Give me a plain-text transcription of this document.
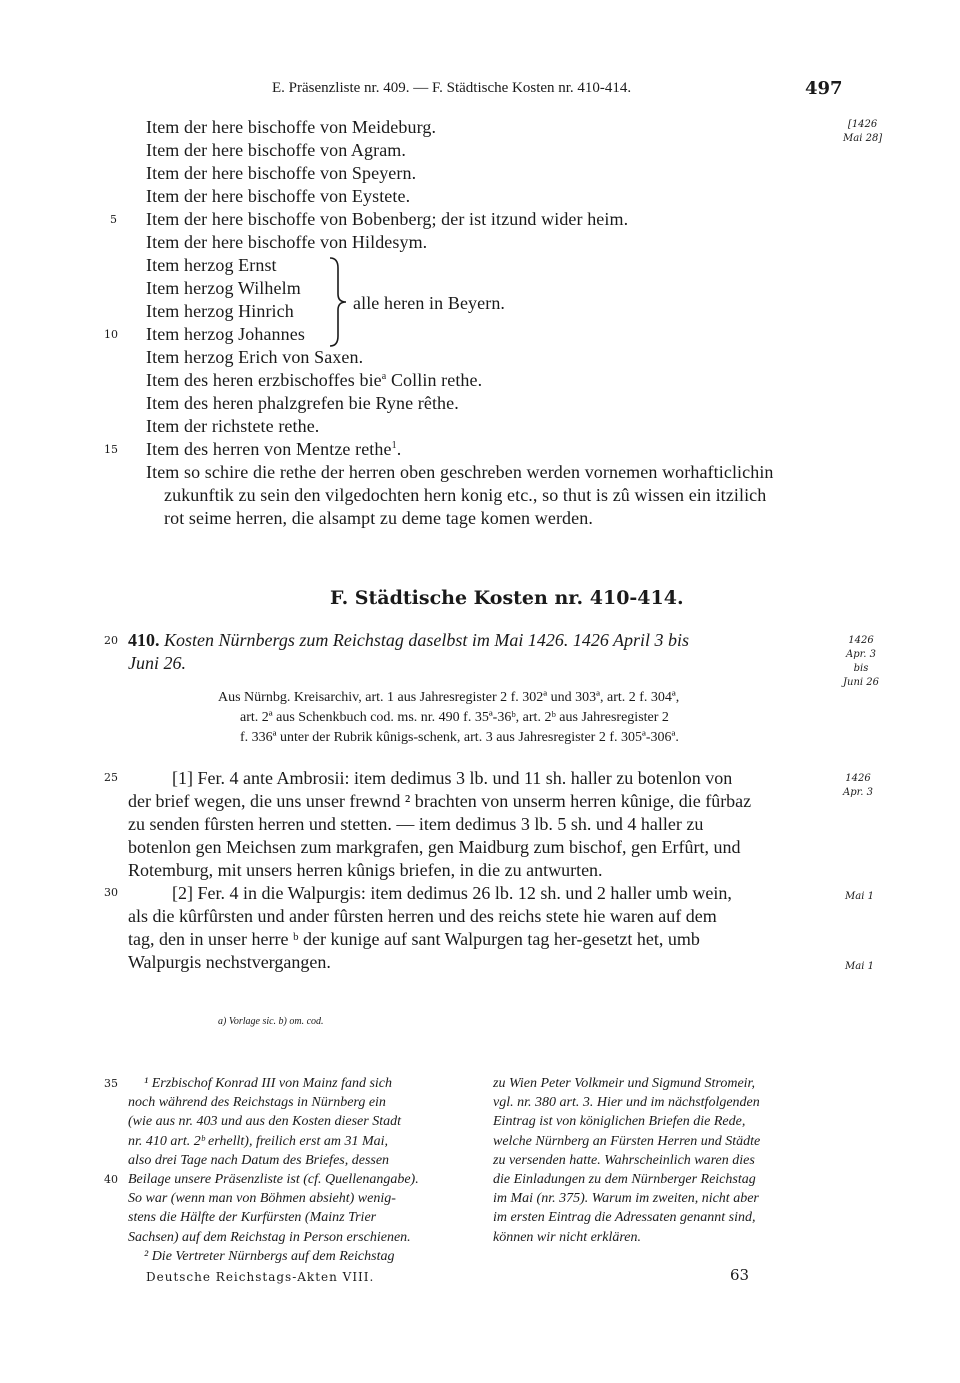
E. Präsenzliste nr. 409. — F. Städtische Kosten nr. 410-414.	497
[1426
Mai 28]
Item der here bischoffe von Meideburg.
Item der here bischoffe von Agram.
Item der here bischoffe von Speyern.
Item der here bischoffe von Eystete.
Item der here bischoffe von Bobenberg; der ist itzund wider heim.
Item der here bischoffe von Hildesym.
Item herzog Ernst
Item herzog Wilhelm
Item herzog Hinrich
Item herzog Johannes
Item herzog Erich von Saxen.
Item des heren erzbischoffes bie$^a$ Collin rethe.
Item des heren phalzgrefen bie Ryne rêthe.
Item der richstete rethe.
Item des herren von Mentze rethe$^1$.
alle heren in Beyern.
Item so schire die rethe der herren oben geschreben werden vornemen worhafticlichin
zukunftik zu sein den vilgedochten hern konig etc., so thut is zû wissen ein itzilich
rot seime herren, die alsampt zu deme tage komen werden.
5
10
15
20
25
30
35
40
F. Städtische Kosten nr. 410-414.
410. Kosten Nürnbergs zum Reichstag daselbst im Mai 1426. 1426 April 3 bis
Juni 26.
1426
Apr. 3
bis
Juni 26
Aus Nürnbg. Kreisarchiv, art. 1 aus Jahresregister 2 f. 302ª und 303ª, art. 2 f. 304ª,
art. 2ª aus Schenkbuch cod. ms. nr. 490 f. 35ª-36ᵇ, art. 2ᵇ aus Jahresregister 2
f. 336ª unter der Rubrik kûnigs-schenk, art. 3 aus Jahresregister 2 f. 305ª-306ª.
[1] Fer. 4 ante Ambrosii: item dedimus 3 lb. und 11 sh. haller zu botenlon von
der brief wegen, die uns unser frewnd ² brachten von unserm herren kûnige, die fûrbaz
zu senden fûrsten herren und stetten. — item dedimus 3 lb. 5 sh. und 4 haller zu
botenlon gen Meichsen zum markgrafen, gen Maidburg zum bischof, gen Erfûrt, und
Rotemburg, mit unsers herren kûnigs briefen, in die zu antwurten.
[2] Fer. 4 in die Walpurgis: item dedimus 26 lb. 12 sh. und 2 haller umb wein,
als die kûrfûrsten und ander fûrsten herren und des reichs stete hie waren auf dem
tag, den in unser herre ᵇ der kunige auf sant Walpurgen tag her-gesetzt het, umb
Walpurgis nechstvergangen.
1426
Apr. 3
Mai 1
Mai 1
a) Vorlage sic. b) om. cod.
¹ Erzbischof Konrad III von Mainz fand sich
noch während des Reichstags in Nürnberg ein
(wie aus nr. 403 und aus den Kosten dieser Stadt
nr. 410 art. 2ᵇ erhellt), freilich erst am 31 Mai,
also drei Tage nach Datum des Briefes, dessen
Beilage unsere Präsenzliste ist (cf. Quellenangabe).
So war (wenn man von Böhmen absieht) wenig-
stens die Hälfte der Kurfürsten (Mainz Trier
Sachsen) auf dem Reichstag in Person erschienen.
² Die Vertreter Nürnbergs auf dem Reichstag
zu Wien Peter Volkmeir und Sigmund Stromeir,
vgl. nr. 380 art. 3. Hier und im nächstfolgenden
Eintrag ist von königlichen Briefen die Rede,
welche Nürnberg an Fürsten Herren und Städte
zu versenden hatte. Wahrscheinlich waren dies
die Einladungen zu dem Nürnberger Reichstag
im Mai (nr. 375). Warum im zweiten, nicht aber
im ersten Eintrag die Adressaten genannt sind,
können wir nicht erklären.
Deutsche Reichstags-Akten VIII.	63
